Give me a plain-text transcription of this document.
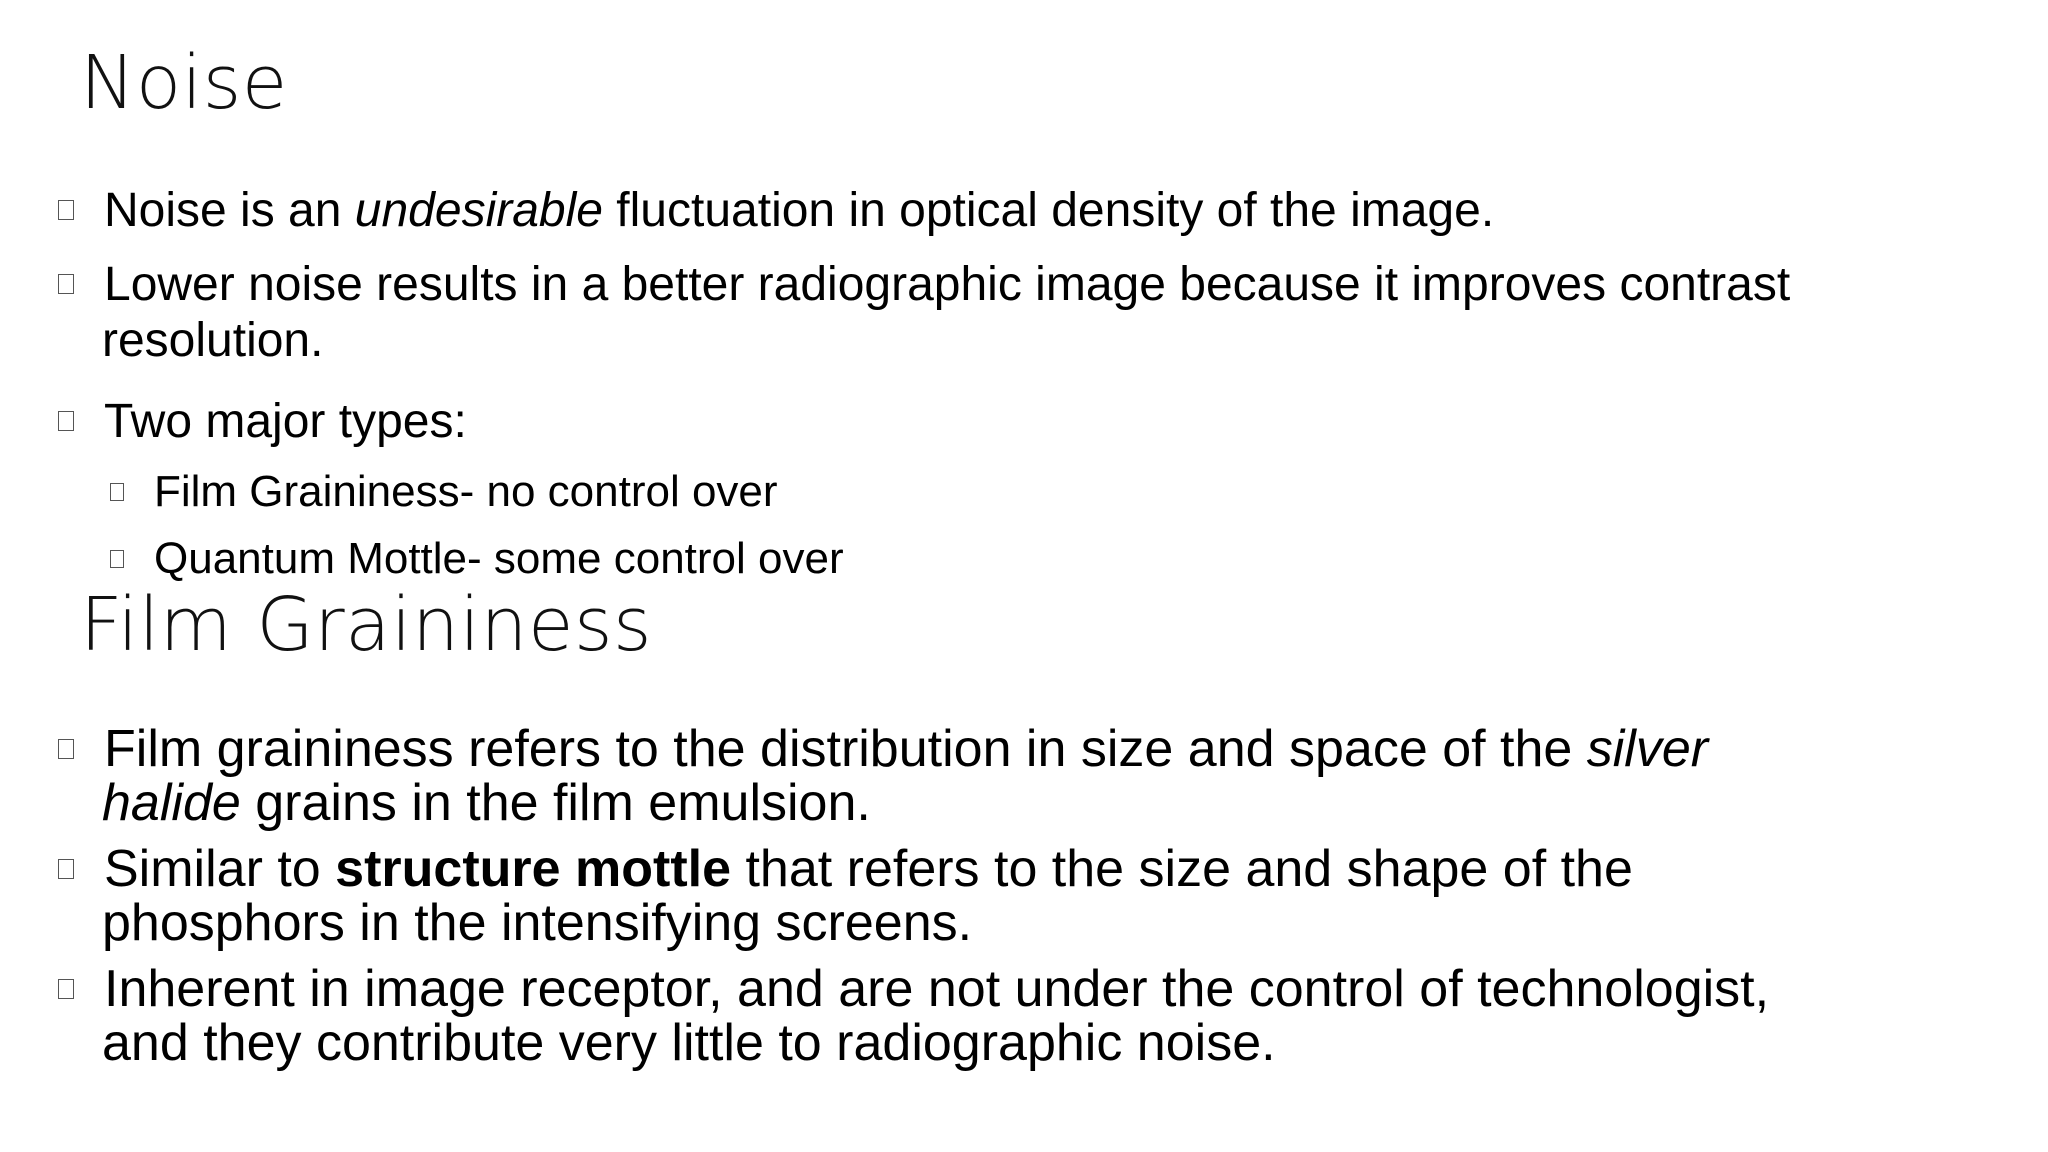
Noise
Noise is an undesirable fluctuation in optical density of the image.
Lower noise results in a better radiographic image because it improves contrast
resolution.
Two major types:
Film Graininess- no control over
Quantum Mottle- some control over
Film Graininess
Film graininess refers to the distribution in size and space of the silver
halide grains in the film emulsion.
Similar to structure mottle that refers to the size and shape of the
phosphors in the intensifying screens.
Inherent in image receptor, and are not under the control of technologist,
and they contribute very little to radiographic noise.
